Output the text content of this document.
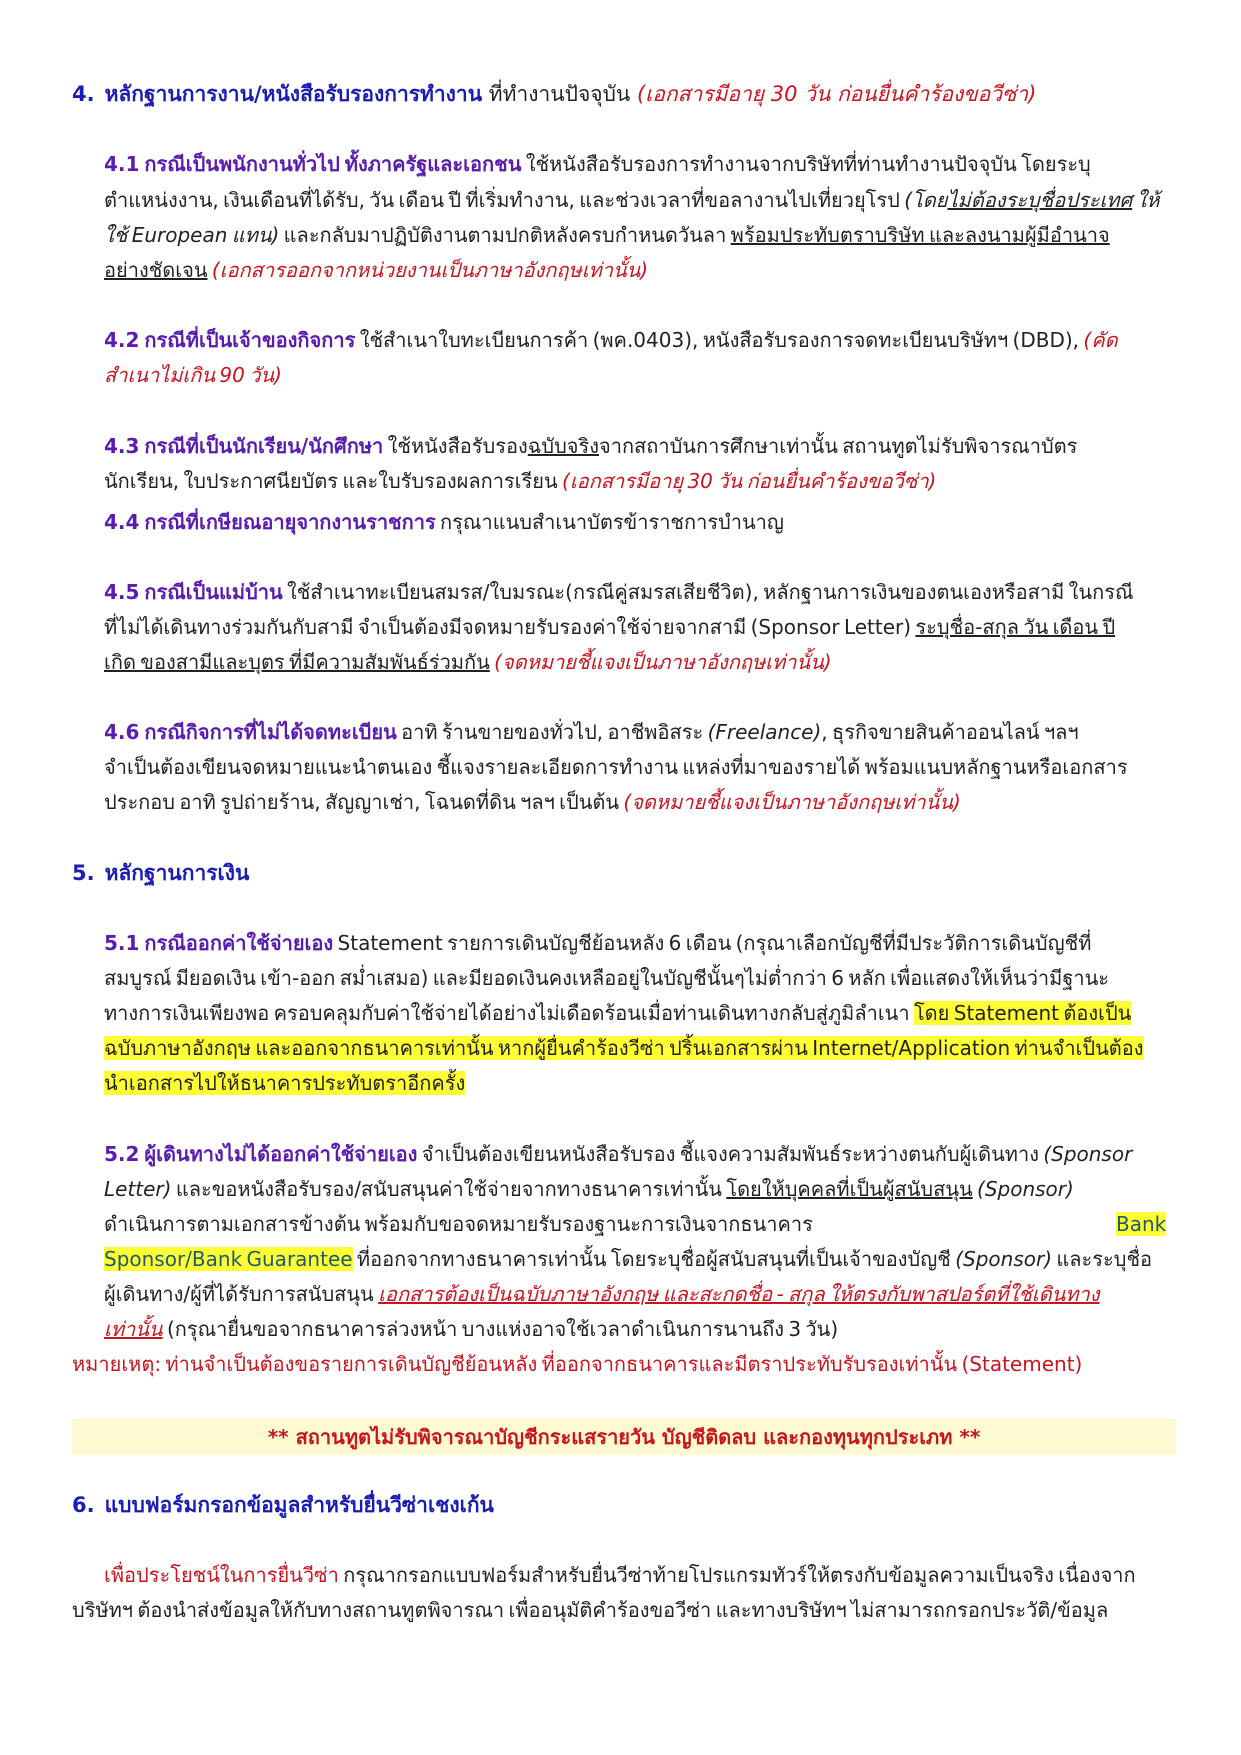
4. หลักฐานการงาน/หนังสือรับรองการทำงาน ที่ทำงานปัจจุบัน (เอกสารมีอายุ 30 วัน ก่อนยื่นคำร้องขอวีซ่า)
4.1 กรณีเป็นพนักงานทั่วไป ทั้งภาครัฐและเอกชน ใช้หนังสือรับรองการทำงานจากบริษัทที่ท่านทำงานปัจจุบัน โดยระบุ
ตำแหน่งงาน, เงินเดือนที่ได้รับ, วัน เดือน ปี ที่เริ่มทำงาน, และช่วงเวลาที่ขอลางานไปเที่ยวยุโรป (โดยไม่ต้องระบุชื่อประเทศ ให้
ใช้ European แทน) และกลับมาปฏิบัติงานตามปกติหลังครบกำหนดวันลา พร้อมประทับตราบริษัท และลงนามผู้มีอำนาจ
อย่างชัดเจน (เอกสารออกจากหน่วยงานเป็นภาษาอังกฤษเท่านั้น)
4.2 กรณีที่เป็นเจ้าของกิจการ ใช้สำเนาใบทะเบียนการค้า (พค.0403), หนังสือรับรองการจดทะเบียนบริษัทฯ (DBD), (คัด
สำเนาไม่เกิน 90 วัน)
4.3 กรณีที่เป็นนักเรียน/นักศึกษา ใช้หนังสือรับรองฉบับจริงจากสถาบันการศึกษาเท่านั้น สถานทูตไม่รับพิจารณาบัตร
นักเรียน, ใบประกาศนียบัตร และใบรับรองผลการเรียน (เอกสารมีอายุ 30 วัน ก่อนยื่นคำร้องขอวีซ่า)
4.4 กรณีที่เกษียณอายุจากงานราชการ กรุณาแนบสำเนาบัตรข้าราชการบำนาญ
4.5 กรณีเป็นแม่บ้าน ใช้สำเนาทะเบียนสมรส/ใบมรณะ(กรณีคู่สมรสเสียชีวิต), หลักฐานการเงินของตนเองหรือสามี ในกรณี
ที่ไม่ได้เดินทางร่วมกันกับสามี จำเป็นต้องมีจดหมายรับรองค่าใช้จ่ายจากสามี (Sponsor Letter) ระบุชื่อ-สกุล วัน เดือน ปี
เกิด ของสามีและบุตร ที่มีความสัมพันธ์ร่วมกัน (จดหมายชี้แจงเป็นภาษาอังกฤษเท่านั้น)
4.6 กรณีกิจการที่ไม่ได้จดทะเบียน อาทิ ร้านขายของทั่วไป, อาชีพอิสระ (Freelance), ธุรกิจขายสินค้าออนไลน์ ฯลฯ
จำเป็นต้องเขียนจดหมายแนะนำตนเอง ชี้แจงรายละเอียดการทำงาน แหล่งที่มาของรายได้ พร้อมแนบหลักฐานหรือเอกสาร
ประกอบ อาทิ รูปถ่ายร้าน, สัญญาเช่า, โฉนดที่ดิน ฯลฯ เป็นต้น (จดหมายชี้แจงเป็นภาษาอังกฤษเท่านั้น)
5. หลักฐานการเงิน
5.1 กรณีออกค่าใช้จ่ายเอง Statement รายการเดินบัญชีย้อนหลัง 6 เดือน (กรุณาเลือกบัญชีที่มีประวัติการเดินบัญชีที่
สมบูรณ์ มียอดเงิน เข้า-ออก สม่ำเสมอ) และมียอดเงินคงเหลืออยู่ในบัญชีนั้นๆไม่ต่ำกว่า 6 หลัก เพื่อแสดงให้เห็นว่ามีฐานะ
ทางการเงินเพียงพอ ครอบคลุมกับค่าใช้จ่ายได้อย่างไม่เดือดร้อนเมื่อท่านเดินทางกลับสู่ภูมิลำเนา โดย Statement ต้องเป็น
ฉบับภาษาอังกฤษ และออกจากธนาคารเท่านั้น หากผู้ยื่นคำร้องวีซ่า ปริ้นเอกสารผ่าน Internet/Application ท่านจำเป็นต้อง
นำเอกสารไปให้ธนาคารประทับตราอีกครั้ง
5.2 ผู้เดินทางไม่ได้ออกค่าใช้จ่ายเอง จำเป็นต้องเขียนหนังสือรับรอง ชี้แจงความสัมพันธ์ระหว่างตนกับผู้เดินทาง (Sponsor
Letter) และขอหนังสือรับรอง/สนับสนุนค่าใช้จ่ายจากทางธนาคารเท่านั้น โดยให้บุคคลที่เป็นผู้สนับสนุน (Sponsor)
ดำเนินการตามเอกสารข้างต้น พร้อมกับขอจดหมายรับรองฐานะการเงินจากธนาคาร	Bank
Sponsor/Bank Guarantee ที่ออกจากทางธนาคารเท่านั้น โดยระบุชื่อผู้สนับสนุนที่เป็นเจ้าของบัญชี (Sponsor) และระบุชื่อ
ผู้เดินทาง/ผู้ที่ได้รับการสนับสนุน เอกสารต้องเป็นฉบับภาษาอังกฤษ และสะกดชื่อ - สกุล ให้ตรงกับพาสปอร์ตที่ใช้เดินทาง
เท่านั้น (กรุณายื่นขอจากธนาคารล่วงหน้า บางแห่งอาจใช้เวลาดำเนินการนานถึง 3 วัน)
หมายเหตุ: ท่านจำเป็นต้องขอรายการเดินบัญชีย้อนหลัง ที่ออกจากธนาคารและมีตราประทับรับรองเท่านั้น (Statement)
** สถานทูตไม่รับพิจารณาบัญชีกระแสรายวัน บัญชีติดลบ และกองทุนทุกประเภท **
6. แบบฟอร์มกรอกข้อมูลสำหรับยื่นวีซ่าเชงเก้น
เพื่อประโยชน์ในการยื่นวีซ่า กรุณากรอกแบบฟอร์มสำหรับยื่นวีซ่าท้ายโปรแกรมทัวร์ให้ตรงกับข้อมูลความเป็นจริง เนื่องจาก
บริษัทฯ ต้องนำส่งข้อมูลให้กับทางสถานทูตพิจารณา เพื่ออนุมัติคำร้องขอวีซ่า และทางบริษัทฯ ไม่สามารถกรอกประวัติ/ข้อมูล
